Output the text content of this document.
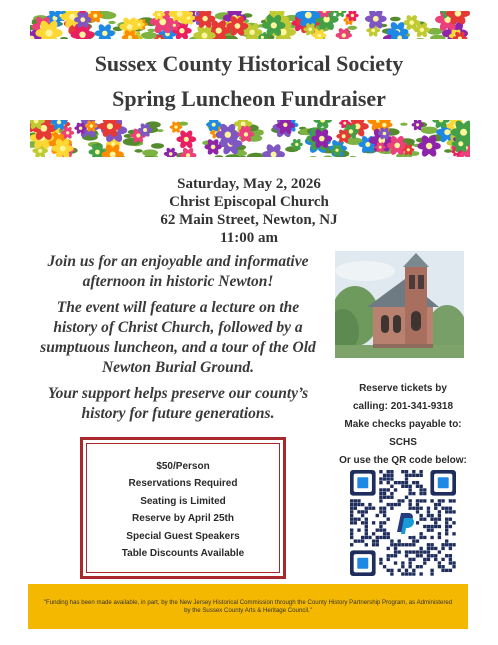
Sussex County Historical Society
Spring Luncheon Fundraiser
Saturday, May 2, 2026
Christ Episcopal Church
62 Main Street, Newton, NJ
11:00 am
Join us for an enjoyable and informative afternoon in historic Newton!
The event will feature a lecture on the history of Christ Church, followed by a sumptuous luncheon, and a tour of the Old Newton Burial Ground.
Your support helps preserve our county’s history for future generations.
Reserve tickets by
calling: 201-341-9318
Make checks payable to:
SCHS
Or use the QR code below:
$50/Person
Reservations Required
Seating is Limited
Reserve by April 25th
Special Guest Speakers
Table Discounts Available
"Funding has been made available, in part, by the New Jersey Historical Commission through the County History Partnership Program, as Administered by the Sussex County Arts & Heritage Council."
